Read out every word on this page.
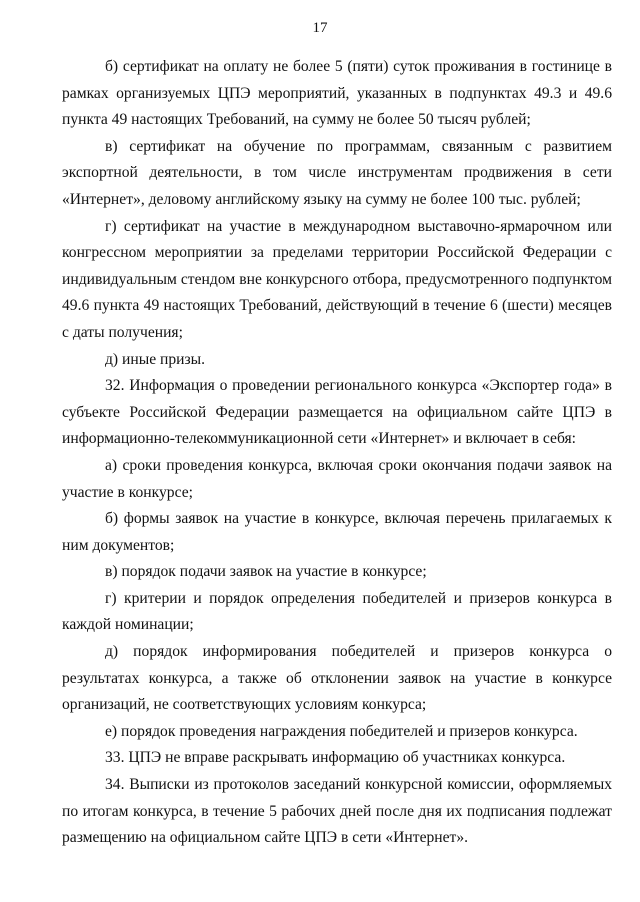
17

б) сертификат на оплату не более 5 (пяти) суток проживания в гостинице в рамках организуемых ЦПЭ мероприятий, указанных в подпунктах 49.3 и 49.6 пункта 49 настоящих Требований, на сумму не более 50 тысяч рублей;

в) сертификат на обучение по программам, связанным с развитием экспортной деятельности, в том числе инструментам продвижения в сети «Интернет», деловому английскому языку на сумму не более 100 тыс. рублей;

г) сертификат на участие в международном выставочно-ярмарочном или конгрессном мероприятии за пределами территории Российской Федерации с индивидуальным стендом вне конкурсного отбора, предусмотренного подпунктом 49.6 пункта 49 настоящих Требований, действующий в течение 6 (шести) месяцев с даты получения;

д) иные призы.

32. Информация о проведении регионального конкурса «Экспортер года» в субъекте Российской Федерации размещается на официальном сайте ЦПЭ в информационно-телекоммуникационной сети «Интернет» и включает в себя:

а) сроки проведения конкурса, включая сроки окончания подачи заявок на участие в конкурсе;

б) формы заявок на участие в конкурсе, включая перечень прилагаемых к ним документов;

в) порядок подачи заявок на участие в конкурсе;

г) критерии и порядок определения победителей и призеров конкурса в каждой номинации;

д) порядок информирования победителей и призеров конкурса о результатах конкурса, а также об отклонении заявок на участие в конкурсе организаций, не соответствующих условиям конкурса;

е) порядок проведения награждения победителей и призеров конкурса.

33. ЦПЭ не вправе раскрывать информацию об участниках конкурса.

34. Выписки из протоколов заседаний конкурсной комиссии, оформляемых по итогам конкурса, в течение 5 рабочих дней после дня их подписания подлежат размещению на официальном сайте ЦПЭ в сети «Интернет».
